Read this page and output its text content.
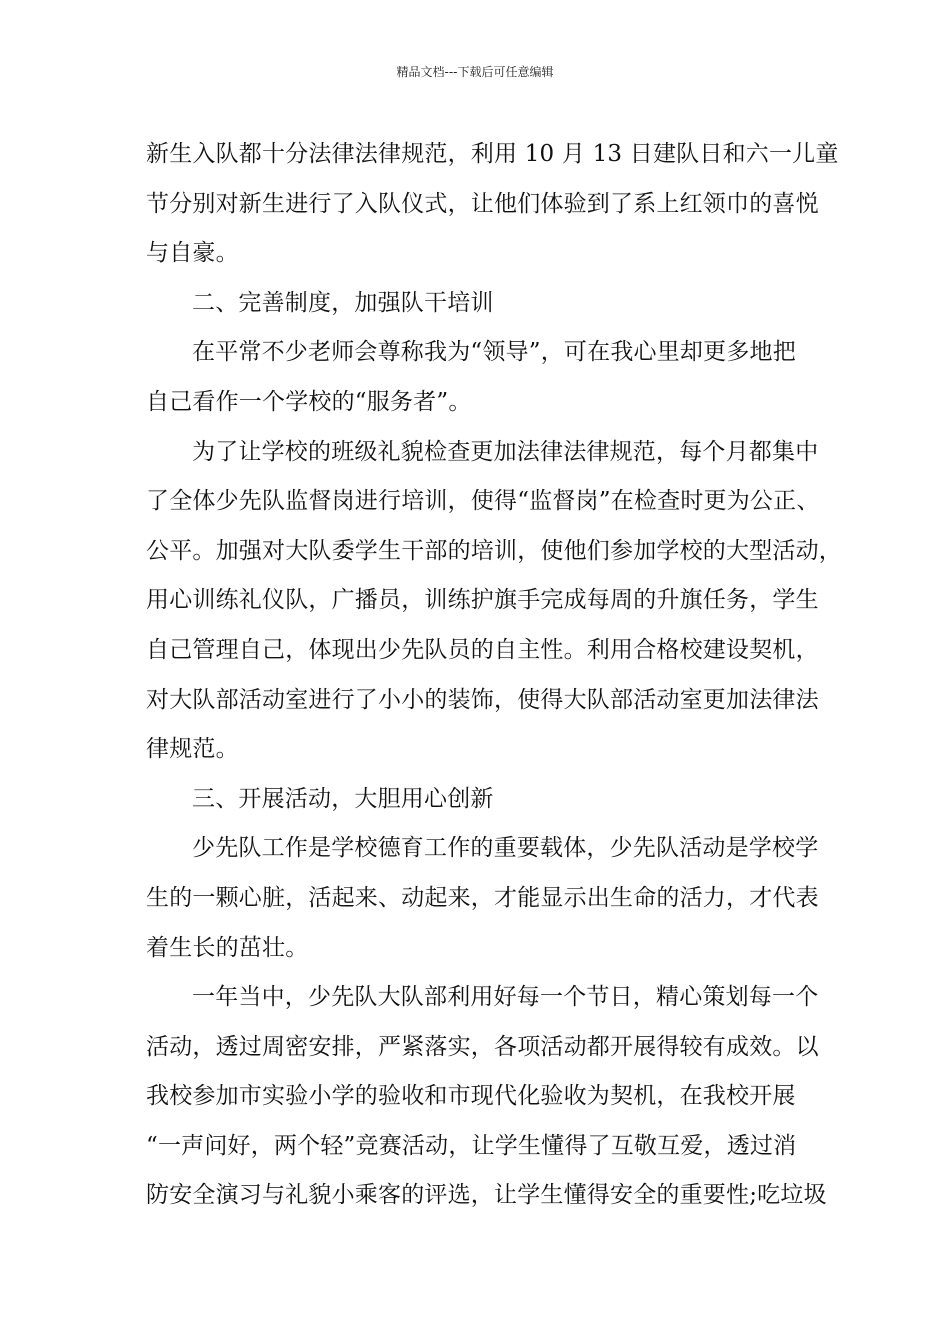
精品文档---下载后可任意编辑
新生入队都十分法律法律规范，利用 10 月 13 日建队日和六一儿童
节分别对新生进行了入队仪式，让他们体验到了系上红领巾的喜悦
与自豪。
二、完善制度，加强队干培训
在平常不少老师会尊称我为“领导”，可在我心里却更多地把
自己看作一个学校的“服务者”。
为了让学校的班级礼貌检查更加法律法律规范，每个月都集中
了全体少先队监督岗进行培训，使得“监督岗”在检查时更为公正、
公平。加强对大队委学生干部的培训，使他们参加学校的大型活动，
用心训练礼仪队，广播员，训练护旗手完成每周的升旗任务，学生
自己管理自己，体现出少先队员的自主性。利用合格校建设契机，
对大队部活动室进行了小小的装饰，使得大队部活动室更加法律法
律规范。
三、开展活动，大胆用心创新
少先队工作是学校德育工作的重要载体，少先队活动是学校学
生的一颗心脏，活起来、动起来，才能显示出生命的活力，才代表
着生长的茁壮。
一年当中，少先队大队部利用好每一个节日，精心策划每一个
活动，透过周密安排，严紧落实，各项活动都开展得较有成效。以
我校参加市实验小学的验收和市现代化验收为契机，在我校开展
“一声问好，两个轻”竞赛活动，让学生懂得了互敬互爱，透过消
防安全演习与礼貌小乘客的评选，让学生懂得安全的重要性;吃垃圾
